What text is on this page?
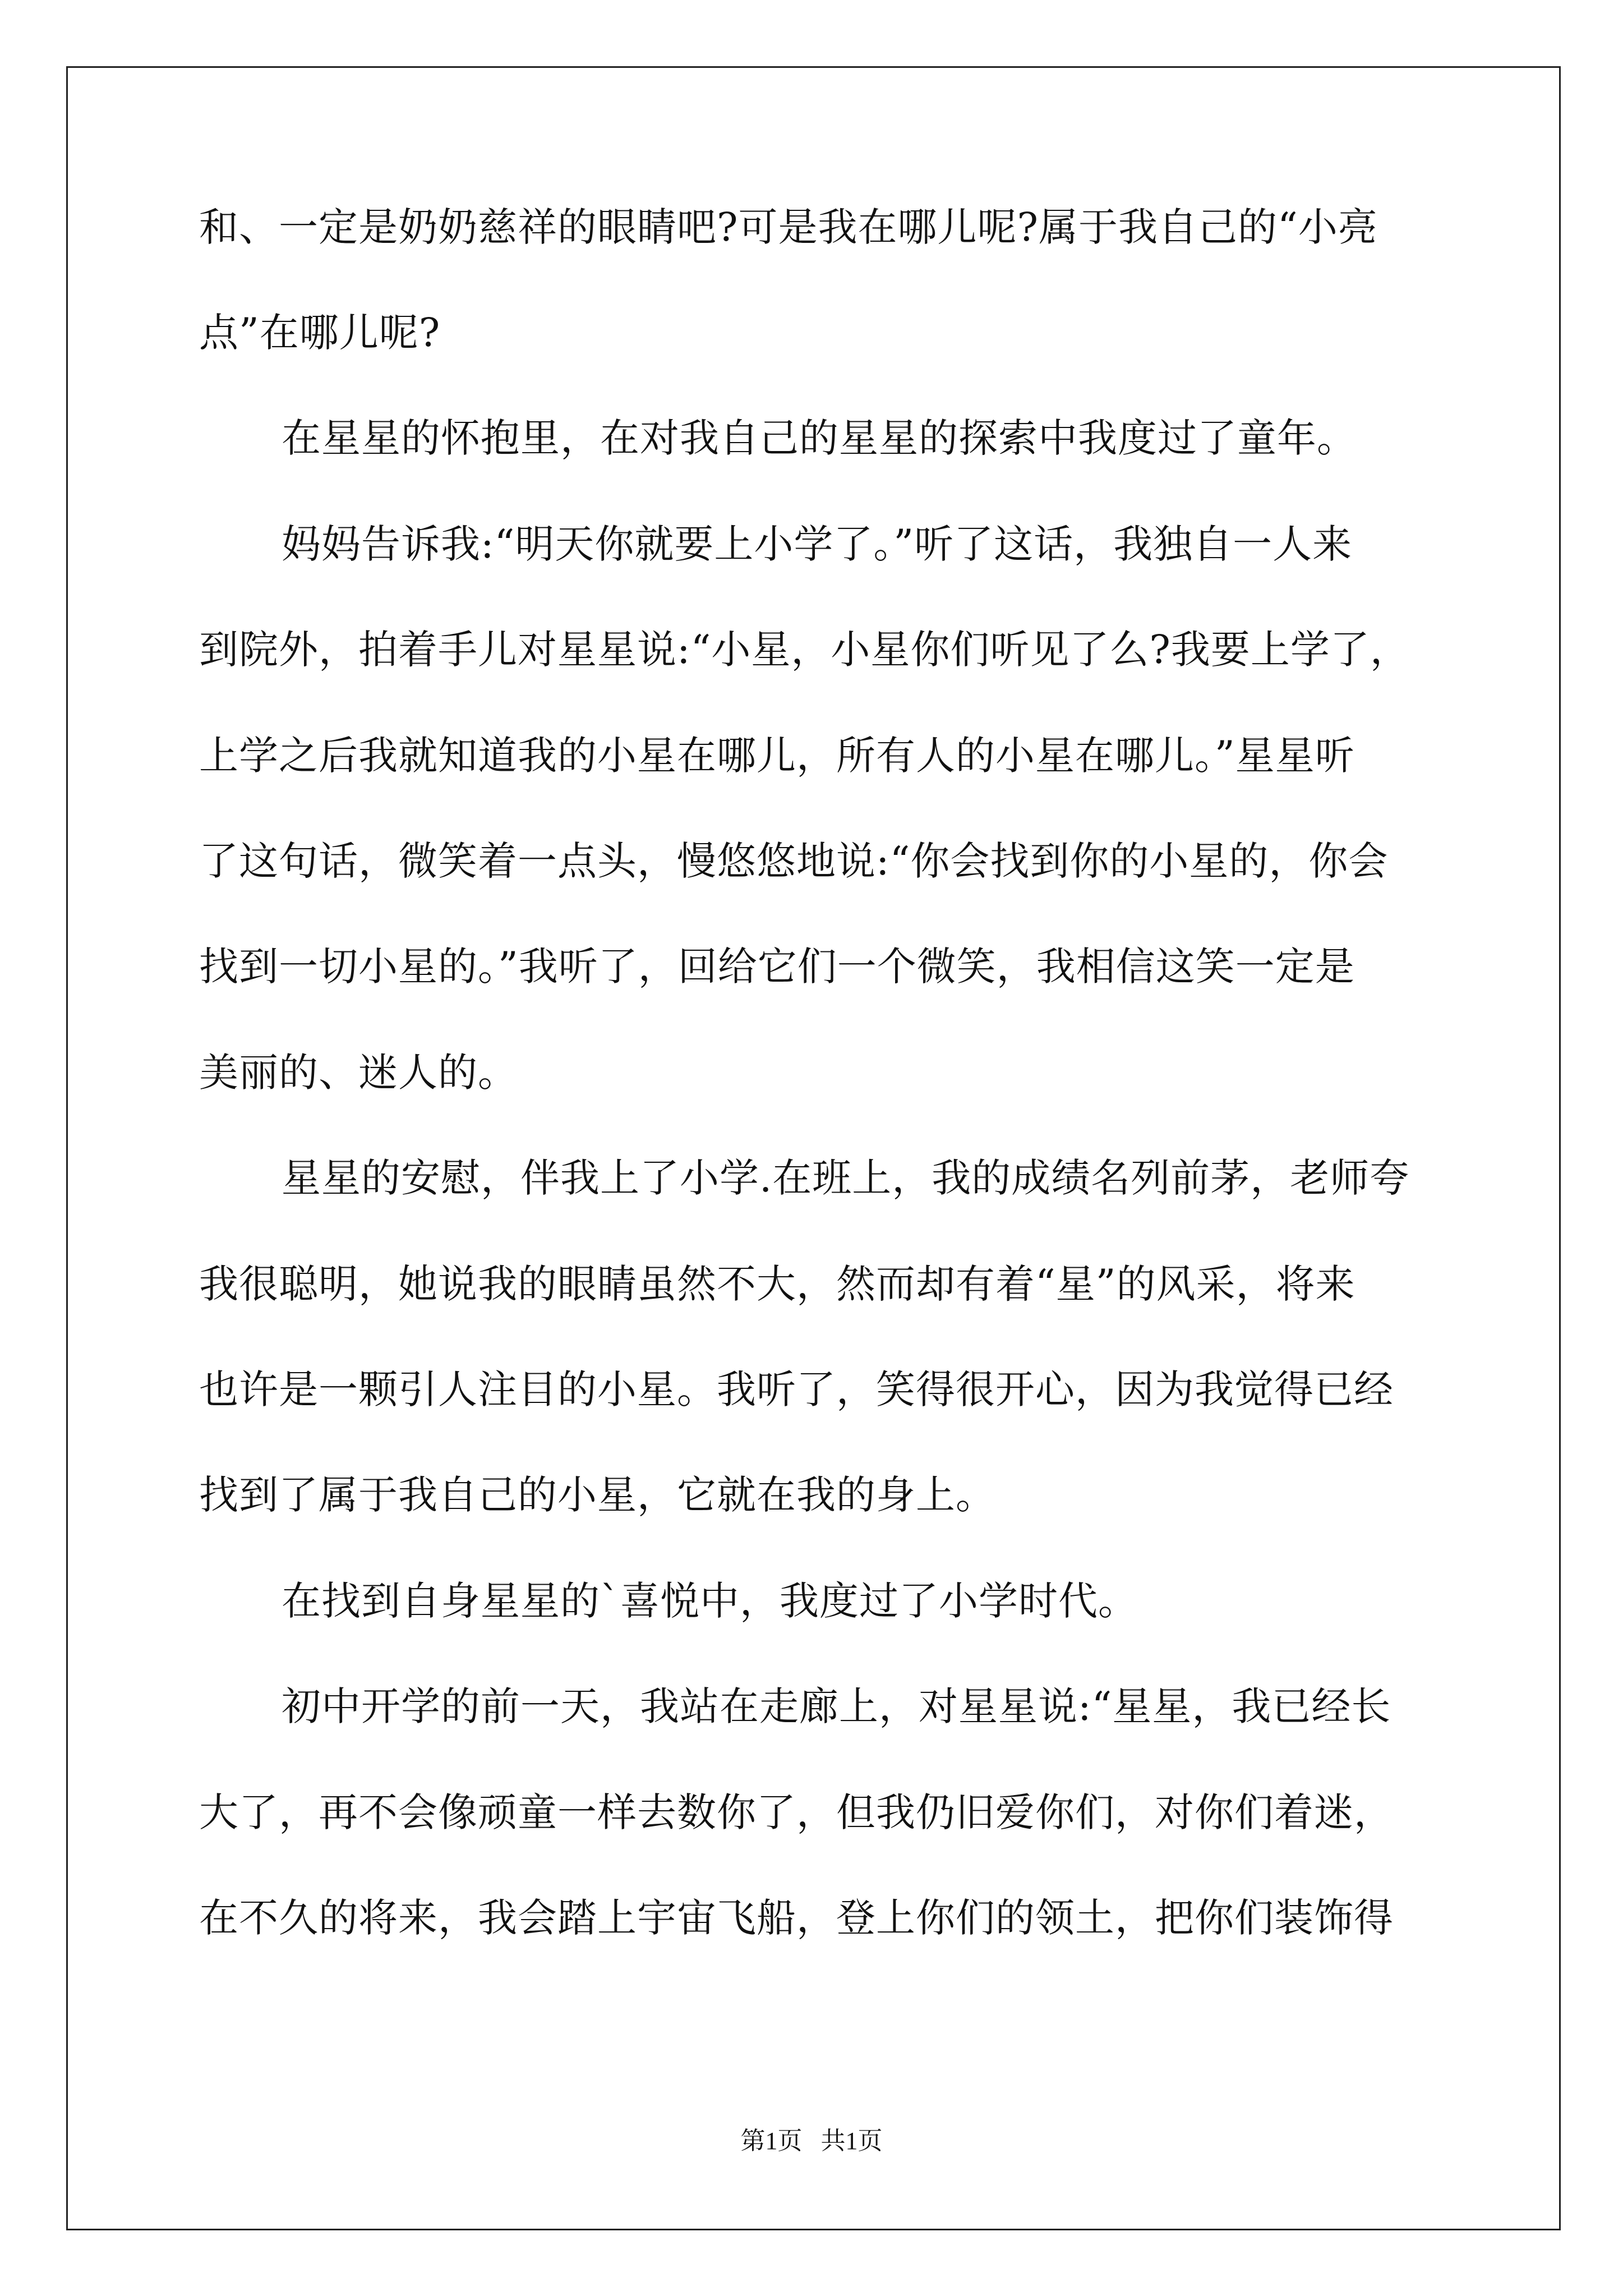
和、一定是奶奶慈祥的眼睛吧?可是我在哪儿呢?属于我自己的“小亮
点”在哪儿呢?
在星星的怀抱里，在对我自己的星星的探索中我度过了童年。
妈妈告诉我:“明天你就要上小学了。”听了这话，我独自一人来
到院外，拍着手儿对星星说:“小星，小星你们听见了么?我要上学了，
上学之后我就知道我的小星在哪儿，所有人的小星在哪儿。”星星听
了这句话，微笑着一点头，慢悠悠地说:“你会找到你的小星的，你会
找到一切小星的。”我听了，回给它们一个微笑，我相信这笑一定是
美丽的、迷人的。
星星的安慰，伴我上了小学.在班上，我的成绩名列前茅，老师夸
我很聪明，她说我的眼睛虽然不大，然而却有着“星”的风采，将来
也许是一颗引人注目的小星。我听了，笑得很开心，因为我觉得已经
找到了属于我自己的小星，它就在我的身上。
在找到自身星星的`喜悦中，我度过了小学时代。
初中开学的前一天，我站在走廊上，对星星说:“星星，我已经长
大了，再不会像顽童一样去数你了，但我仍旧爱你们，对你们着迷，
在不久的将来，我会踏上宇宙飞船，登上你们的领土，把你们装饰得
第1页   共1页
